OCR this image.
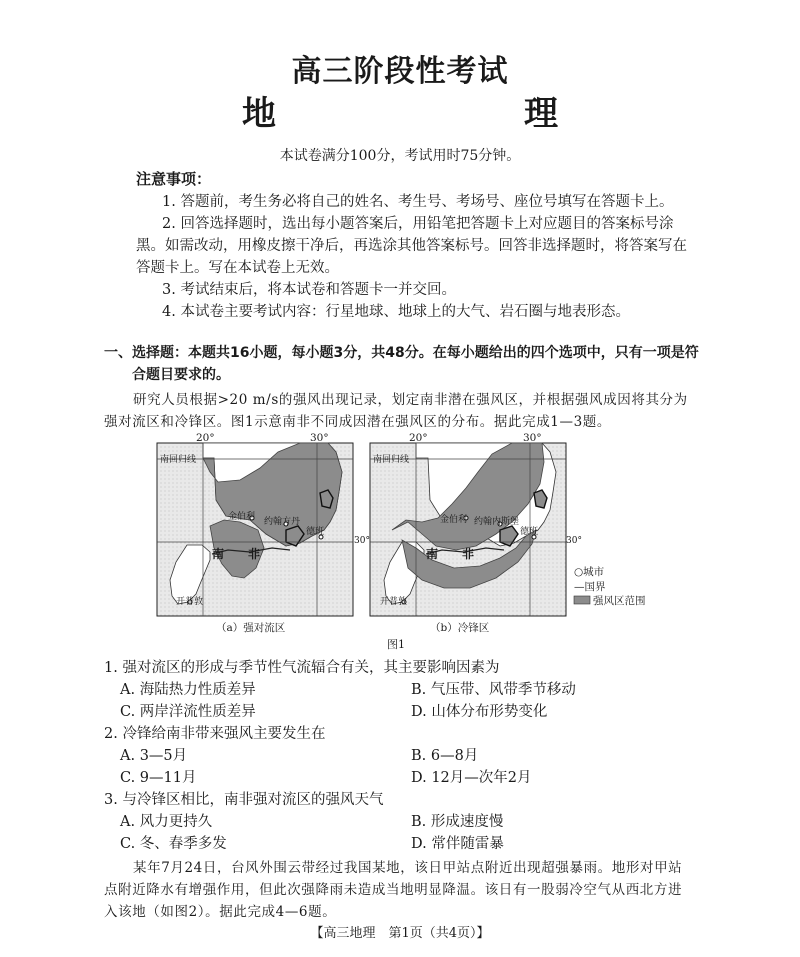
高三阶段性考试
地　　理
本试卷满分100分，考试用时75分钟。
注意事项：
1. 答题前，考生务必将自己的姓名、考生号、考场号、座位号填写在答题卡上。
2. 回答选择题时，选出每小题答案后，用铅笔把答题卡上对应题目的答案标号涂
黑。如需改动，用橡皮擦干净后，再选涂其他答案标号。回答非选择题时，将答案写在
答题卡上。写在本试卷上无效。
3. 考试结束后，将本试卷和答题卡一并交回。
4. 本试卷主要考试内容：行星地球、地球上的大气、岩石圈与地表形态。
一、选择题：本题共16小题，每小题3分，共48分。在每小题给出的四个选项中，只有一项是符
合题目要求的。
研究人员根据>20 m/s的强风出现记录，划定南非潜在强风区，并根据强风成因将其分为
强对流区和冷锋区。图1示意南非不同成因潜在强风区的分布。据此完成1—3题。
20°	30°
南回归线
30°
金伯利 约翰方丹
德班
开普敦
南　　非
（a）强对流区
20°	30°
南回归线
30°
金伯利 约翰内斯堡
德班
开普敦
南　　非
（b）冷锋区
○城市
—国界
强风区范围
图1
1. 强对流区的形成与季节性气流辐合有关，其主要影响因素为
A. 海陆热力性质差异	B. 气压带、风带季节移动
C. 两岸洋流性质差异	D. 山体分布形势变化
2. 冷锋给南非带来强风主要发生在
A. 3—5月	B. 6—8月
C. 9—11月	D. 12月—次年2月
3. 与冷锋区相比，南非强对流区的强风天气
A. 风力更持久	B. 形成速度慢
C. 冬、春季多发	D. 常伴随雷暴
某年7月24日，台风外围云带经过我国某地，该日甲站点附近出现超强暴雨。地形对甲站
点附近降水有增强作用，但此次强降雨未造成当地明显降温。该日有一股弱冷空气从西北方进
入该地（如图2）。据此完成4—6题。
【高三地理　第1页（共4页）】
